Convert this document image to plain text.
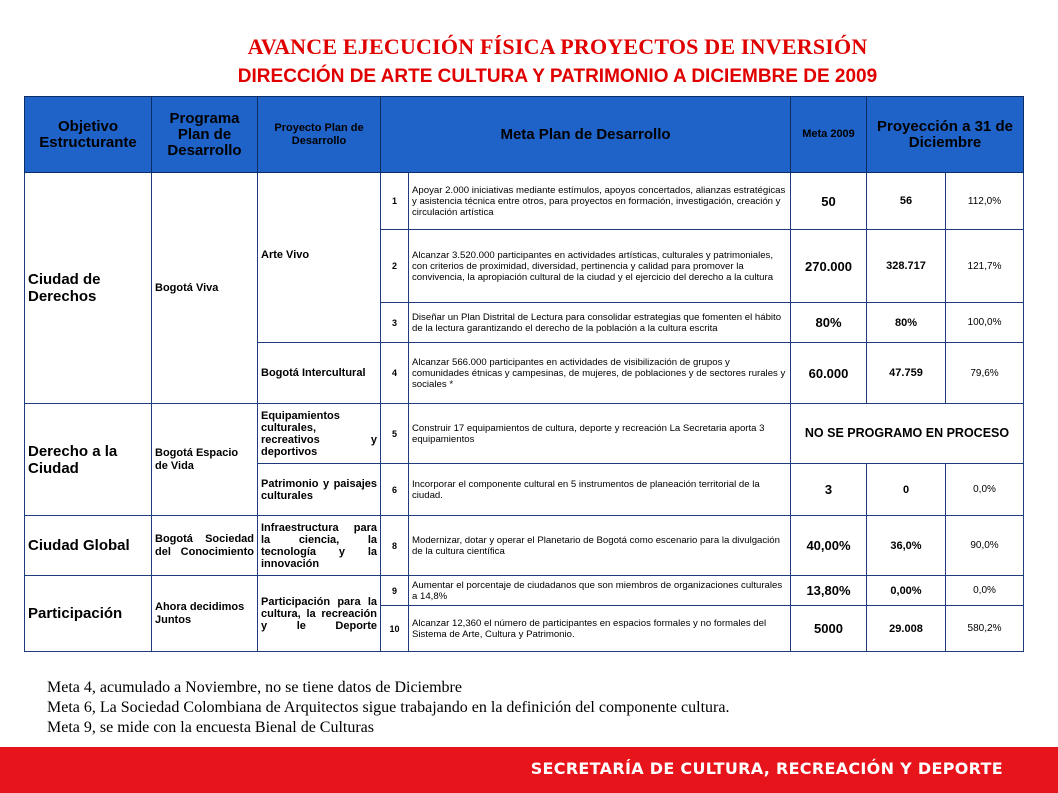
AVANCE EJECUCIÓN FÍSICA PROYECTOS DE INVERSIÓN
DIRECCIÓN DE ARTE CULTURA Y PATRIMONIO A DICIEMBRE DE 2009
Objetivo Estructurante	Programa Plan de Desarrollo	Proyecto Plan de Desarrollo	Meta Plan de Desarrollo		Meta 2009	Proyección a 31 de Diciembre	
Ciudad de Derechos	Bogotá Viva	Arte Vivo	1	Apoyar 2.000 iniciativas mediante estímulos, apoyos concertados, alianzas estratégicas y asistencia técnica entre otros, para proyectos en formación, investigación, creación y circulación artística	50	56	112,0%
			2	Alcanzar 3.520.000 participantes en actividades artísticas, culturales y patrimoniales, con criterios de proximidad, diversidad, pertinencia y calidad para promover la convivencia, la apropiación cultural de la ciudad y el ejercicio del derecho a la cultura	270.000	328.717	121,7%
			3	Diseñar un Plan Distrital de Lectura para consolidar estrategias que fomenten el hábito de la lectura garantizando el derecho de la población a la cultura escrita	80%	80%	100,0%
		Bogotá Intercultural	4	Alcanzar 566.000 participantes en actividades de visibilización de grupos y comunidades étnicas y campesinas, de mujeres, de poblaciones y de sectores rurales y sociales *	60.000	47.759	79,6%
Derecho a la Ciudad	Bogotá Espacio de Vida	Equipamientos culturales, recreativos y deportivos	5	Construir 17 equipamientos de cultura, deporte y recreación La Secretaria aporta 3 equipamientos	NO SE PROGRAMO EN PROCESO		
		Patrimonio y paisajes culturales	6	Incorporar el componente cultural en 5 instrumentos de planeación territorial de la ciudad.	3	0	0,0%
Ciudad Global	Bogotá Sociedad del Conocimiento	Infraestructura para la ciencia, la tecnología y la innovación	8	Modernizar, dotar y operar el Planetario de Bogotá como escenario para la divulgación de la cultura científica	40,00%	36,0%	90,0%
Participación	Ahora decidimos Juntos	Participación para la cultura, la recreación y le Deporte	9	Aumentar el porcentaje de ciudadanos que son miembros de organizaciones culturales a 14,8%	13,80%	0,00%	0,0%
			10	Alcanzar 12,360 el número de participantes en espacios formales y no formales del Sistema de Arte, Cultura y Patrimonio.	5000	29.008	580,2%
Meta 4, acumulado a Noviembre, no se tiene datos de Diciembre
Meta 6, La Sociedad Colombiana de Arquitectos sigue trabajando en la definición del componente cultura.
Meta 9, se mide con la encuesta Bienal de Culturas
SECRETARÍA DE CULTURA, RECREACIÓN Y DEPORTE
